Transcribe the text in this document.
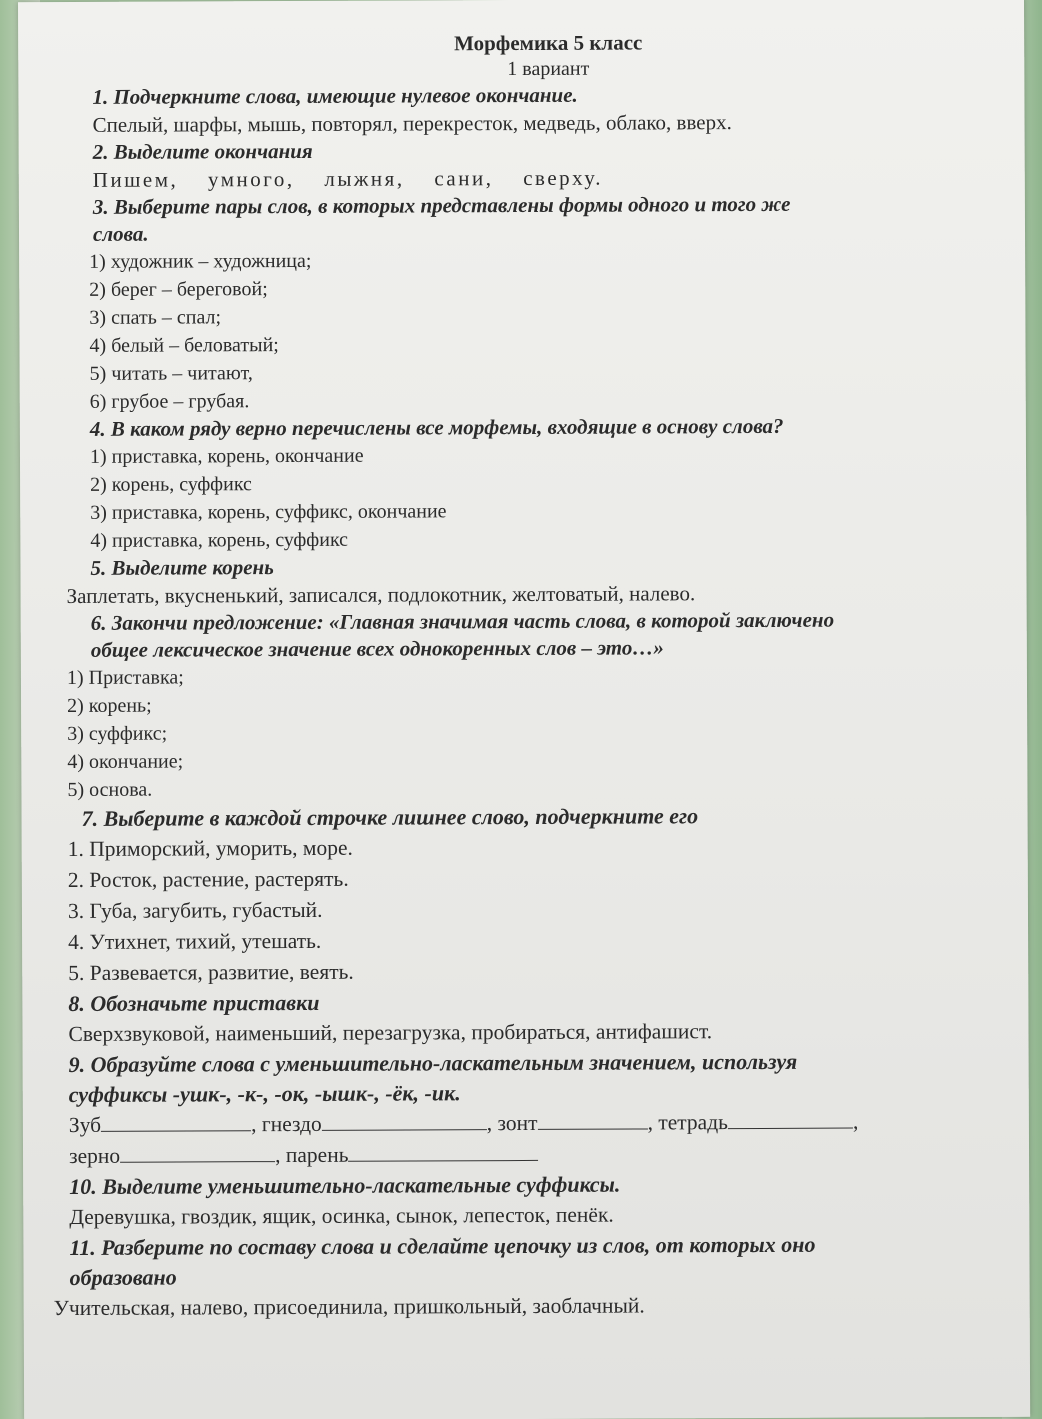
Морфемика 5 класс
1 вариант
1. Подчеркните слова, имеющие нулевое окончание.
Спелый, шарфы, мышь, повторял, перекресток, медведь, облако, вверх.
2. Выделите окончания
Пишем, умного, лыжня, сани, сверху.
3. Выберите пары слов, в которых представлены формы одного и того же
слова.
1) художник – художница;
2) берег – береговой;
3) спать – спал;
4) белый – беловатый;
5) читать – читают,
6) грубое – грубая.
4. В каком ряду верно перечислены все морфемы, входящие в основу слова?
1) приставка, корень, окончание
2) корень, суффикс
3) приставка, корень, суффикс, окончание
4) приставка, корень, суффикс
5. Выделите корень
Заплетать, вкусненький, записался, подлокотник, желтоватый, налево.
6. Закончи предложение: «Главная значимая часть слова, в которой заключено
общее лексическое значение всех однокоренных слов – это…»
1) Приставка;
2) корень;
3) суффикс;
4) окончание;
5) основа.
7. Выберите в каждой строчке лишнее слово, подчеркните его
1. Приморский, уморить, море.
2. Росток, растение, растерять.
3. Губа, загубить, губастый.
4. Утихнет, тихий, утешать.
5. Развевается, развитие, веять.
8. Обозначьте приставки
Сверхзвуковой, наименьший, перезагрузка, пробираться, антифашист.
9. Образуйте слова с уменьшительно-ласкательным значением, используя
суффиксы -ушк-, -к-, -ок, -ышк-, -ёк, -ик.
Зуб	, гнездо	, зонт	, тетрадь	,
зерно	, парень
10. Выделите уменьшительно-ласкательные суффиксы.
Деревушка, гвоздик, ящик, осинка, сынок, лепесток, пенёк.
11. Разберите по составу слова и сделайте цепочку из слов, от которых оно
образовано
Учительская, налево, присоединила, пришкольный, заоблачный.
